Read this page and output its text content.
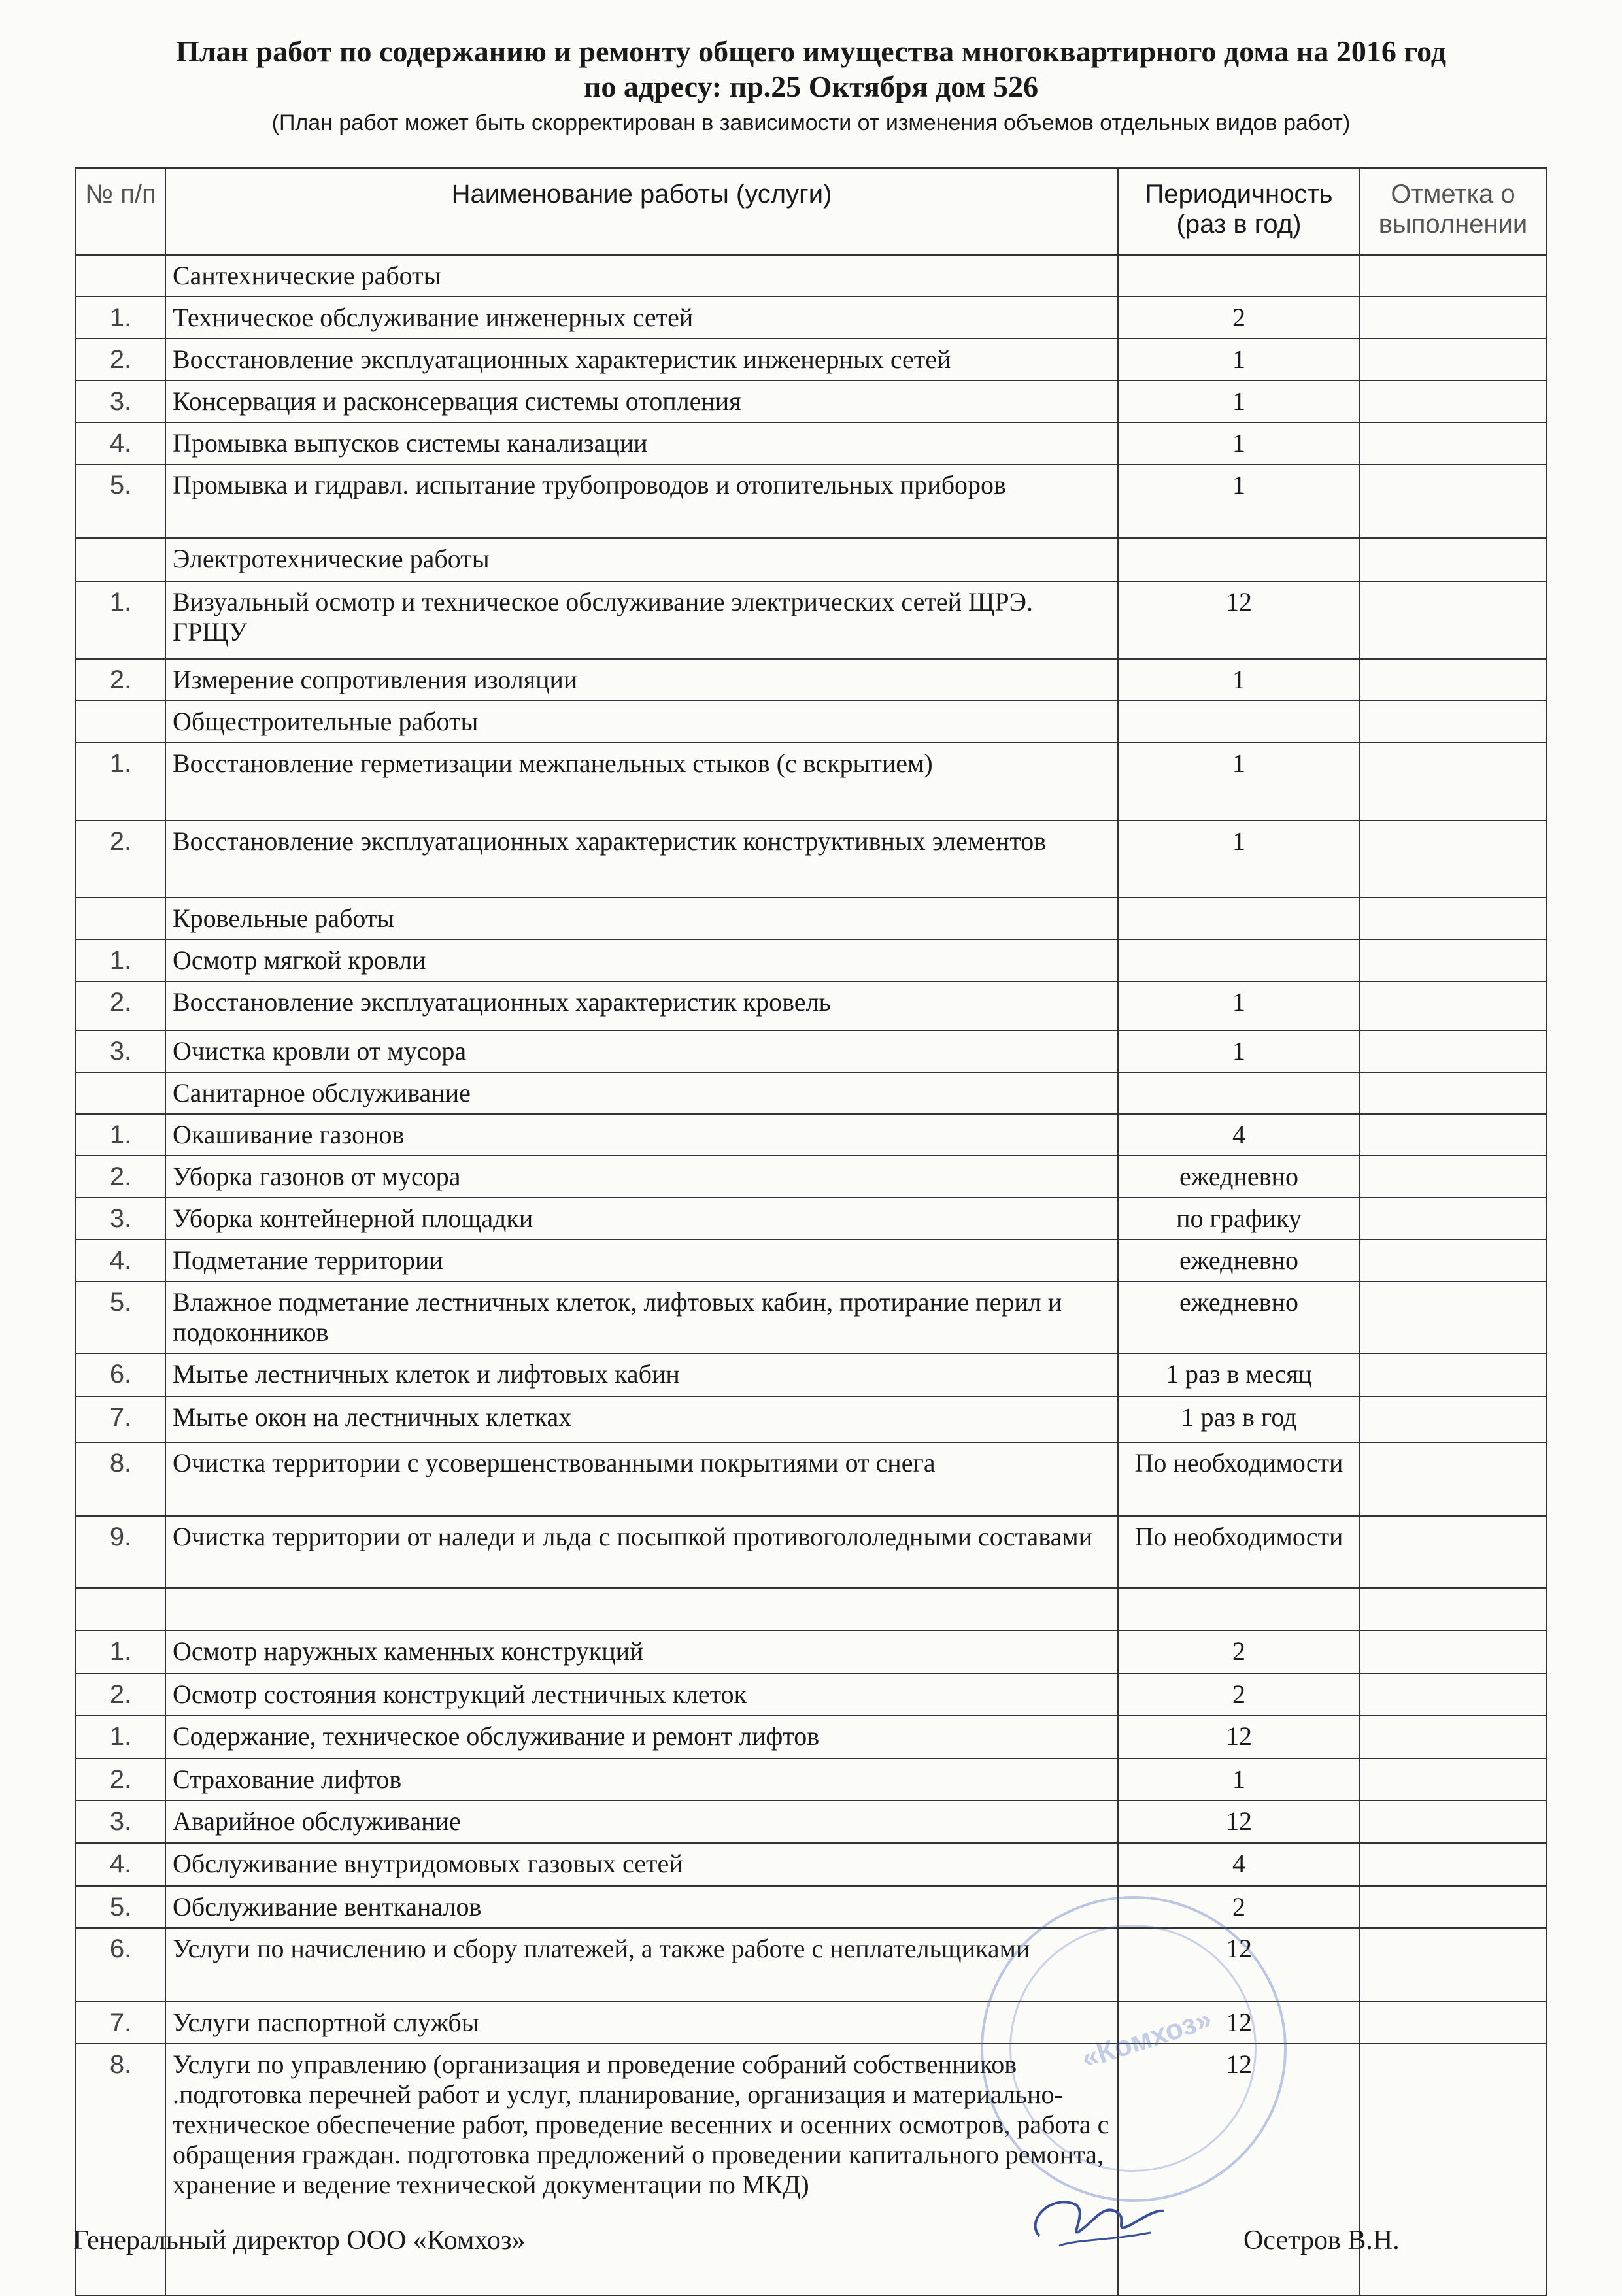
План работ по содержанию и ремонту общего имущества многоквартирного дома на 2016 год
по адресу: пр.25 Октября дом 526
(План работ может быть скорректирован в зависимости от изменения объемов отдельных видов работ)
№ п/п	Наименование работы (услуги)	Периодичность (раз в год)	Отметка о выполнении
	Сантехнические работы		
1.	Техническое обслуживание инженерных сетей	2	
2.	Восстановление эксплуатационных характеристик инженерных сетей	1	
3.	Консервация и расконсервация системы отопления	1	
4.	Промывка выпусков системы канализации	1	
5.	Промывка и гидравл. испытание трубопроводов и отопительных приборов	1	
	Электротехнические работы		
1.	Визуальный осмотр и техническое обслуживание электрических сетей ЩРЭ. ГРЩУ	12	
2.	Измерение сопротивления изоляции	1	
	Общестроительные работы		
1.	Восстановление герметизации межпанельных стыков (с вскрытием)	1	
2.	Восстановление эксплуатационных характеристик конструктивных элементов	1	
	Кровельные работы		
1.	Осмотр мягкой кровли		
2.	Восстановление эксплуатационных характеристик кровель	1	
3.	Очистка кровли от мусора	1	
	Санитарное обслуживание		
1.	Окашивание газонов	4	
2.	Уборка газонов от мусора	ежедневно	
3.	Уборка контейнерной площадки	по графику	
4.	Подметание территории	ежедневно	
5.	Влажное подметание лестничных клеток, лифтовых кабин, протирание перил и подоконников	ежедневно	
6.	Мытье лестничных клеток и лифтовых кабин	1 раз в месяц	
7.	Мытье окон на лестничных клетках	1 раз в год	
8.	Очистка территории с усовершенствованными покрытиями от снега	По необходимости	
9.	Очистка территории от наледи и льда с посыпкой противогололедными составами	По необходимости	

1.	Осмотр наружных каменных конструкций	2	
2.	Осмотр состояния конструкций лестничных клеток	2	
1.	Содержание, техническое обслуживание и ремонт лифтов	12	
2.	Страхование лифтов	1	
3.	Аварийное обслуживание	12	
4.	Обслуживание внутридомовых газовых сетей	4	
5.	Обслуживание вентканалов	2	
6.	Услуги по начислению и сбору платежей, а также работе с неплательщиками	12	
7.	Услуги паспортной службы	12	
8.	Услуги по управлению (организация и проведение собраний собственников .подготовка перечней работ и услуг, планирование, организация и материально-техническое обеспечение работ, проведение весенних и осенних осмотров, работа с обращения граждан. подготовка предложений о проведении капитального ремонта, хранение и ведение технической документации по МКД)	12	
«Комхоз»
Генеральный директор ООО «Комхоз»	Осетров В.Н.
